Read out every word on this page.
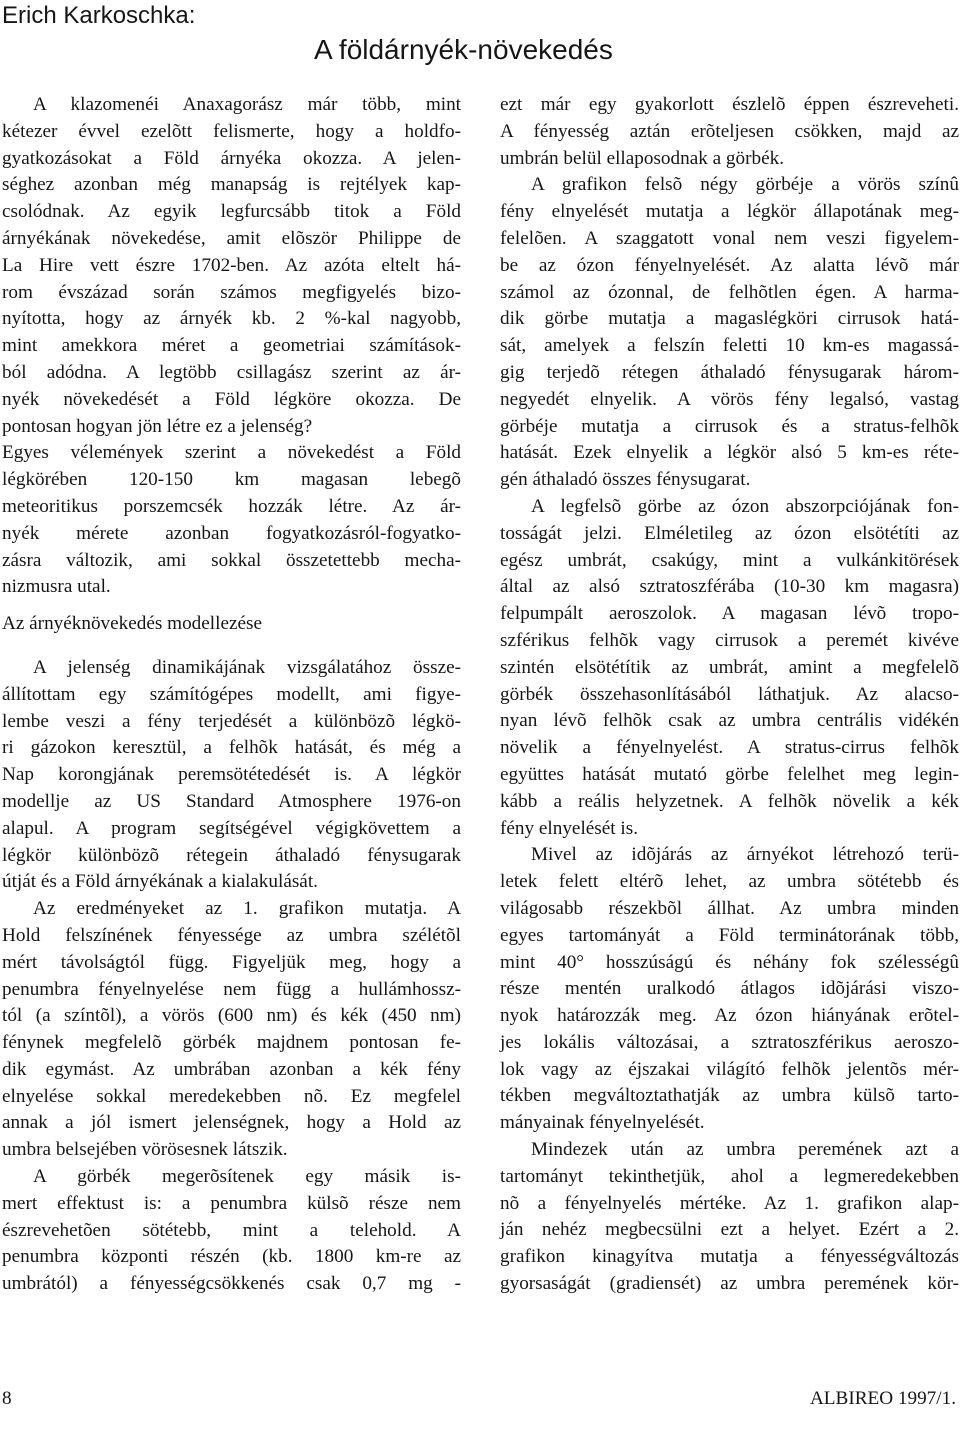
Erich Karkoschka:
A földárnyék-növekedés

A klazomenéi Anaxagorász már több, mint
kétezer évvel ezelõtt felismerte, hogy a holdfo-
gyatkozásokat a Föld árnyéka okozza. A jelen-
séghez azonban még manapság is rejtélyek kap-
csolódnak. Az egyik legfurcsább titok a Föld
árnyékának növekedése, amit elõször Philippe de
La Hire vett észre 1702-ben. Az azóta eltelt há-
rom évszázad során számos megfigyelés bizo-
nyította, hogy az árnyék kb. 2 %-kal nagyobb,
mint amekkora méret a geometriai számítások-
ból adódna. A legtöbb csillagász szerint az ár-
nyék növekedését a Föld légköre okozza. De

pontosan hogyan jön létre ez a jelenség?

Egyes vélemények szerint a növekedést a Föld
légkörében 120-150 km magasan lebegõ
meteoritikus porszemcsék hozzák létre. Az ár-
nyék mérete azonban fogyatkozásról-fogyatko-
zásra változik, ami sokkal összetettebb mecha-

nizmusra utal.

Az árnyéknövekedés modellezése

A jelenség dinamikájának vizsgálatához össze-
állítottam egy számítógépes modellt, ami figye-
lembe veszi a fény terjedését a különbözõ légkö-
ri gázokon keresztül, a felhõk hatását, és még a
Nap korongjának peremsötétedését is. A légkör
modellje az US Standard Atmosphere 1976-on
alapul. A program segítségével végigkövettem a
légkör különbözõ rétegein áthaladó fénysugarak

útját és a Föld árnyékának a kialakulását.

Az eredményeket az 1. grafikon mutatja. A
Hold felszínének fényessége az umbra szélétõl

mért távolságtól függ. Figyeljük meg, hogy a
penumbra fényelnyelése nem függ a hullámhossz-
tól (a színtõl), a vörös (600 nm) és kék (450 nm)
fénynek megfelelõ görbék majdnem pontosan fe-
dik egymást. Az umbrában azonban a kék fény
elnyelése sokkal meredekebben nõ. Ez megfelel
annak a jól ismert jelenségnek, hogy a Hold az

umbra belsejében vörösesnek látszik.

A görbék megerõsítenek egy másik is-
mert effektust is: a penumbra külsõ része nem
észrevehetõen sötétebb, mint a telehold. A
penumbra központi részén (kb. 1800 km-re az
umbrától) a fényességcsökkenés csak 0,7 mg -

ezt már egy gyakorlott észlelõ éppen észreveheti.
A fényesség aztán erõteljesen csökken, majd az

umbrán belül ellaposodnak a görbék.

A grafikon felsõ négy görbéje a vörös színû
fény elnyelését mutatja a légkör állapotának meg-
felelõen. A szaggatott vonal nem veszi figyelem-
be az ózon fényelnyelését. Az alatta lévõ már
számol az ózonnal, de felhõtlen égen. A harma-
dik görbe mutatja a magaslégköri cirrusok hatá-
sát, amelyek a felszín feletti 10 km-es magassá-
gig terjedõ rétegen áthaladó fénysugarak három-
negyedét elnyelik. A vörös fény legalsó, vastag
görbéje mutatja a cirrusok és a stratus-felhõk
hatását. Ezek elnyelik a légkör alsó 5 km-es réte-

gén áthaladó összes fénysugarat.

A legfelsõ görbe az ózon abszorpciójának fon-
tosságát jelzi. Elméletileg az ózon elsötétíti az
egész umbrát, csakúgy, mint a vulkánkitörések
által az alsó sztratoszférába (10-30 km magasra)
felpumpált aeroszolok. A magasan lévõ tropo-
szférikus felhõk vagy cirrusok a peremét kivéve
szintén elsötétítik az umbrát, amint a megfelelõ
görbék összehasonlításából láthatjuk. Az alacso-
nyan lévõ felhõk csak az umbra centrális vidékén
növelik a fényelnyelést. A stratus-cirrus felhõk
együttes hatását mutató görbe felelhet meg legin-
kább a reális helyzetnek. A felhõk növelik a kék

fény elnyelését is.

Mivel az idõjárás az árnyékot létrehozó terü-
letek felett eltérõ lehet, az umbra sötétebb és
világosabb részekbõl állhat. Az umbra minden
egyes tartományát a Föld terminátorának több,
mint 40° hosszúságú és néhány fok szélességû
része mentén uralkodó átlagos idõjárási viszo-
nyok határozzák meg. Az ózon hiányának erõtel-
jes lokális változásai, a sztratoszférikus aeroszo-
lok vagy az éjszakai világító felhõk jelentõs mér-
tékben megváltoztathatják az umbra külsõ tarto-

mányainak fényelnyelését.

Mindezek után az umbra peremének azt a
tartományt tekinthetjük, ahol a legmeredekebben
nõ a fényelnyelés mértéke. Az 1. grafikon alap-
ján nehéz megbecsülni ezt a helyet. Ezért a 2.
grafikon kinagyítva mutatja a fényességváltozás
gyorsaságát (gradiensét) az umbra peremének kör-

8	ALBIREO 1997/1.
